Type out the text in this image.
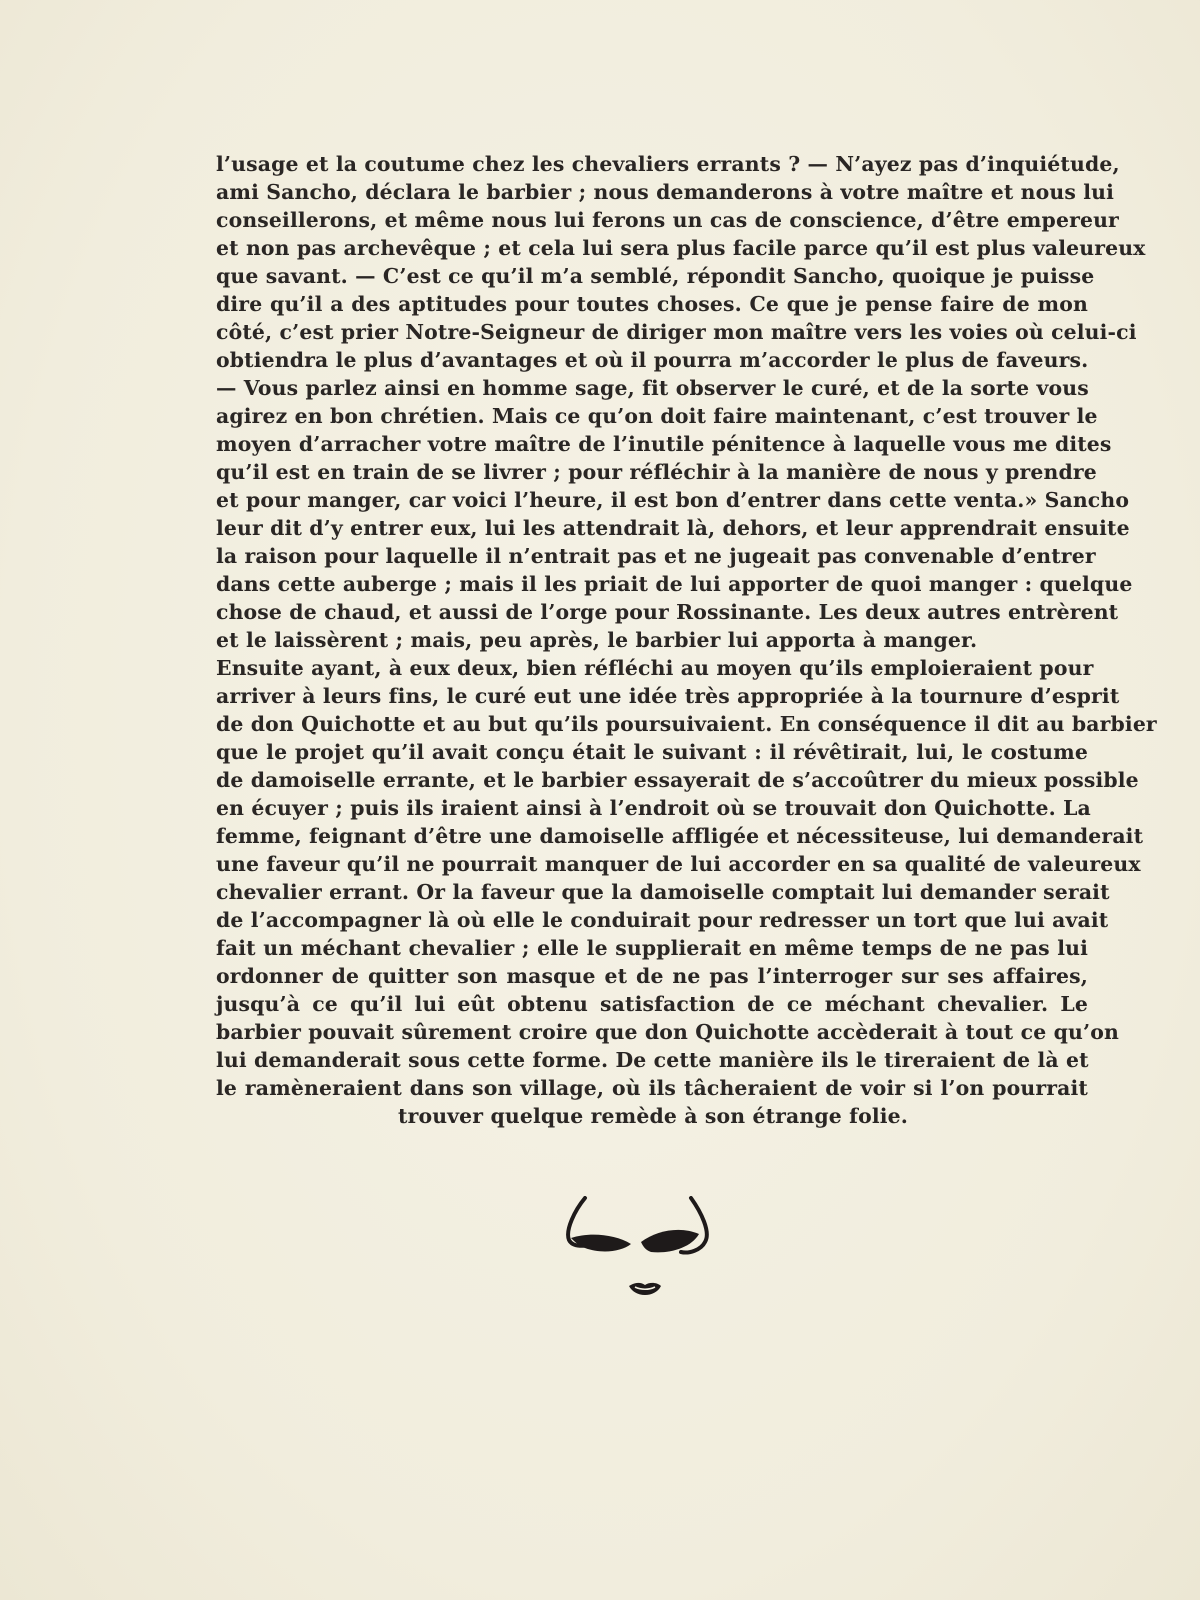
l’usage et la coutume chez les chevaliers errants ? — N’ayez pas d’inquiétude,
ami Sancho, déclara le barbier ; nous demanderons à votre maître et nous lui
conseillerons, et même nous lui ferons un cas de conscience, d’être empereur
et non pas archevêque ; et cela lui sera plus facile parce qu’il est plus valeureux
que savant. — C’est ce qu’il m’a semblé, répondit Sancho, quoique je puisse
dire qu’il a des aptitudes pour toutes choses. Ce que je pense faire de mon
côté, c’est prier Notre-Seigneur de diriger mon maître vers les voies où celui-ci
obtiendra le plus d’avantages et où il pourra m’accorder le plus de faveurs.
— Vous parlez ainsi en homme sage, fit observer le curé, et de la sorte vous
agirez en bon chrétien. Mais ce qu’on doit faire maintenant, c’est trouver le
moyen d’arracher votre maître de l’inutile pénitence à laquelle vous me dites
qu’il est en train de se livrer ; pour réfléchir à la manière de nous y prendre
et pour manger, car voici l’heure, il est bon d’entrer dans cette venta.» Sancho
leur dit d’y entrer eux, lui les attendrait là, dehors, et leur apprendrait ensuite
la raison pour laquelle il n’entrait pas et ne jugeait pas convenable d’entrer
dans cette auberge ; mais il les priait de lui apporter de quoi manger : quelque
chose de chaud, et aussi de l’orge pour Rossinante. Les deux autres entrèrent
et le laissèrent ; mais, peu après, le barbier lui apporta à manger.
Ensuite ayant, à eux deux, bien réfléchi au moyen qu’ils emploieraient pour
arriver à leurs fins, le curé eut une idée très appropriée à la tournure d’esprit
de don Quichotte et au but qu’ils poursuivaient. En conséquence il dit au barbier
que le projet qu’il avait conçu était le suivant : il révêtirait, lui, le costume
de damoiselle errante, et le barbier essayerait de s’accoûtrer du mieux possible
en écuyer ; puis ils iraient ainsi à l’endroit où se trouvait don Quichotte. La
femme, feignant d’être une damoiselle affligée et nécessiteuse, lui demanderait
une faveur qu’il ne pourrait manquer de lui accorder en sa qualité de valeureux
chevalier errant. Or la faveur que la damoiselle comptait lui demander serait
de l’accompagner là où elle le conduirait pour redresser un tort que lui avait
fait un méchant chevalier ; elle le supplierait en même temps de ne pas lui
ordonner de quitter son masque et de ne pas l’interroger sur ses affaires,
jusqu’à ce qu’il lui eût obtenu satisfaction de ce méchant chevalier. Le
barbier pouvait sûrement croire que don Quichotte accèderait à tout ce qu’on
lui demanderait sous cette forme. De cette manière ils le tireraient de là et
le ramèneraient dans son village, où ils tâcheraient de voir si l’on pourrait
trouver quelque remède à son étrange folie.
